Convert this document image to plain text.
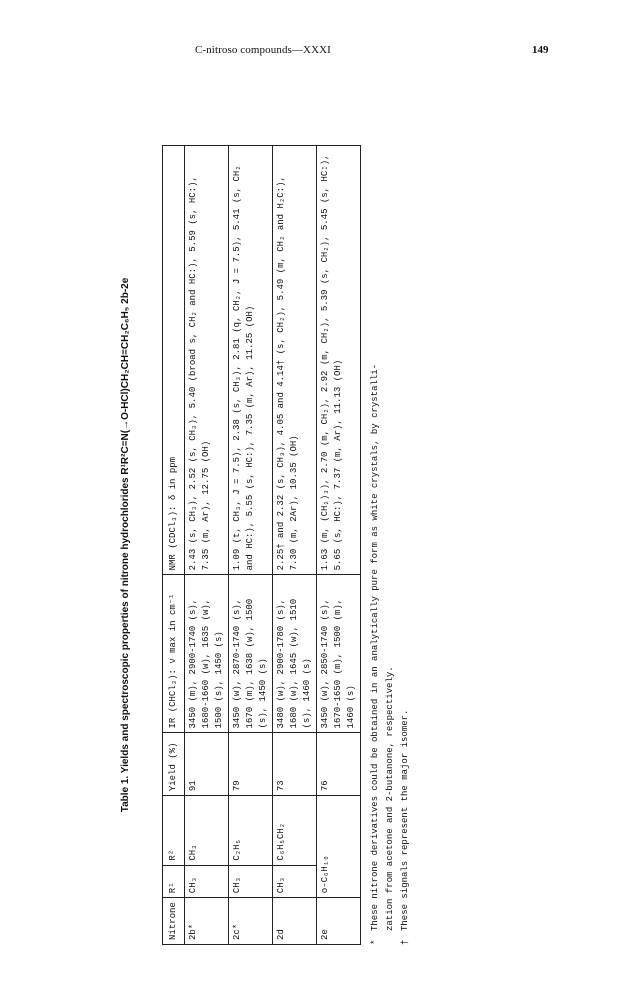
C-nitroso compounds—XXXI	149
Table 1. Yields and spectroscopic properties of nitrone hydrochlorides R¹R²C=N(→O-HCl)CH₂CH=CH₂C₆H₅ 2b-2e
Nitrone	R¹	R²	Yield (%)	IR (CHCl₃): ν max in cm⁻¹	NMR (CDCl₃): δ in ppm
2b*	CH₃	CH₃	91	3450 (m), 2900-1740 (s), 1680-1660 (w), 1635 (w), 1500 (s), 1450 (s)	2.43 (s, CH₃), 2.52 (s, CH₃), 5.40 (broad s, CH₂ and HC:), 5.59 (s, HC:), 7.35 (m, Ar), 12.75 (OH)
2c*	CH₃	C₂H₅	79	3450 (w), 2870-1740 (s), 1670 (m), 1638 (w), 1500 (s), 1450 (s)	1.09 (t, CH₃, J = 7.5), 2.38 (s, CH₃), 2.81 (q, CH₂, J = 7.5), 5.41 (s, CH₂ and HC:), 5.55 (s, HC:), 7.35 (m, Ar), 11.25 (OH)
2d	CH₃	C₆H₅CH₂	73	3480 (w), 2900-1780 (s), 1680 (w), 1645 (w), 1510 (s), 1460 (s)	2.25† and 2.32 (s, CH₃), 4.05 and 4.14† (s, CH₂), 5.49 (m, CH₂ and H₂C:), 7.30 (m, 2Ar), 10.35 (OH)
2e	o-C₆H₁₀		76	3450 (w), 2850-1740 (s), 1670-1650 (m), 1500 (m), 1460 (s)	1.63 (m, (CH₂)₃), 2.70 (m, CH₂), 2.92 (m, CH₂), 5.39 (s, CH₂), 5.45 (s, HC:), 5.65 (s, HC:), 7.37 (m, Ar), 11.13 (OH)
*These nitrone derivatives could be obtained in an analytically pure form as white crystals, by crystalli- zation from acetone and 2-butanone, respectively.
†These signals represent the major isomer.
